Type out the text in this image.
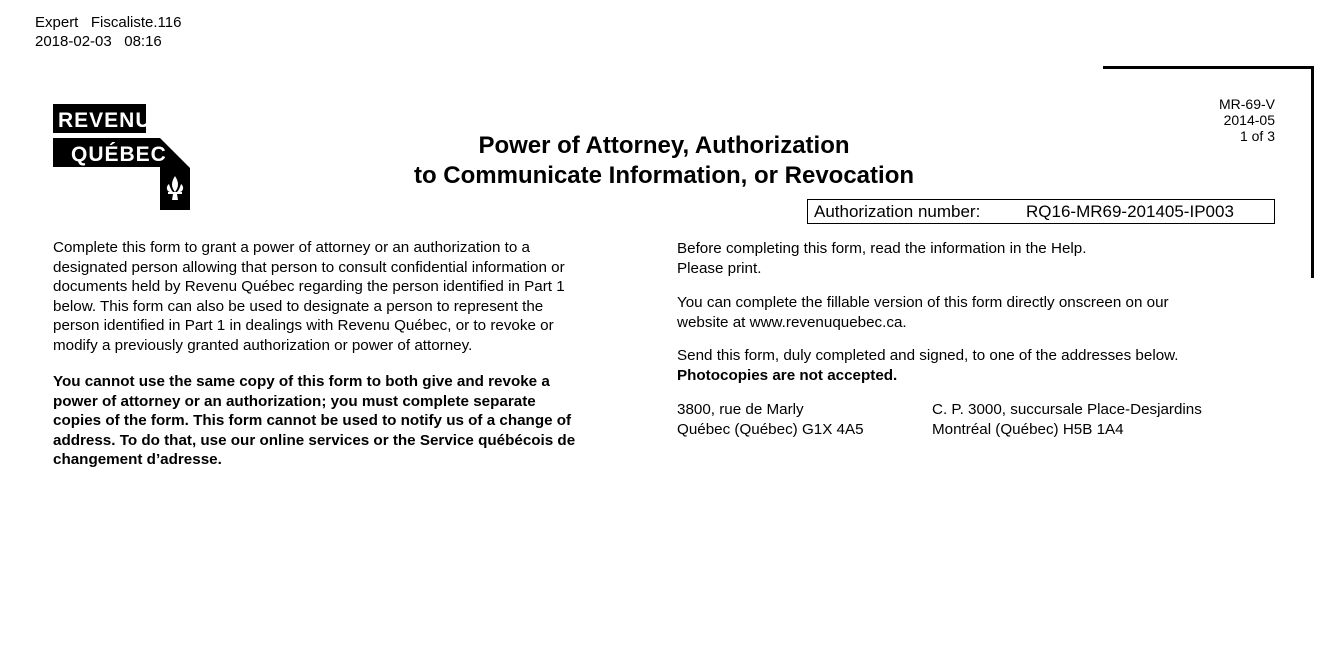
Expert   Fiscaliste.116
2018-02-03   08:16
MR-69-V
2014-05
1 of 3
REVENU
QUÉBEC	Power of Attorney, Authorization
to Communicate Information, or Revocation
Authorization number:	RQ16-MR69-201405-IP003
Complete this form to grant a power of attorney or an authorization to a
designated person allowing that person to consult confidential information or
documents held by Revenu Québec regarding the person identified in Part 1
below. This form can also be used to designate a person to represent the
person identified in Part 1 in dealings with Revenu Québec, or to revoke or
modify a previously granted authorization or power of attorney.
You cannot use the same copy of this form to both give and revoke a
power of attorney or an authorization; you must complete separate
copies of the form. This form cannot be used to notify us of a change of
address. To do that, use our online services or the Service québécois de
changement d’adresse.
Before completing this form, read the information in the Help.
Please print.
You can complete the fillable version of this form directly onscreen on our
website at www.revenuquebec.ca.
Send this form, duly completed and signed, to one of the addresses below.
Photocopies are not accepted.
3800, rue de Marly
Québec (Québec) G1X 4A5
C. P. 3000, succursale Place-Desjardins
Montréal (Québec) H5B 1A4
